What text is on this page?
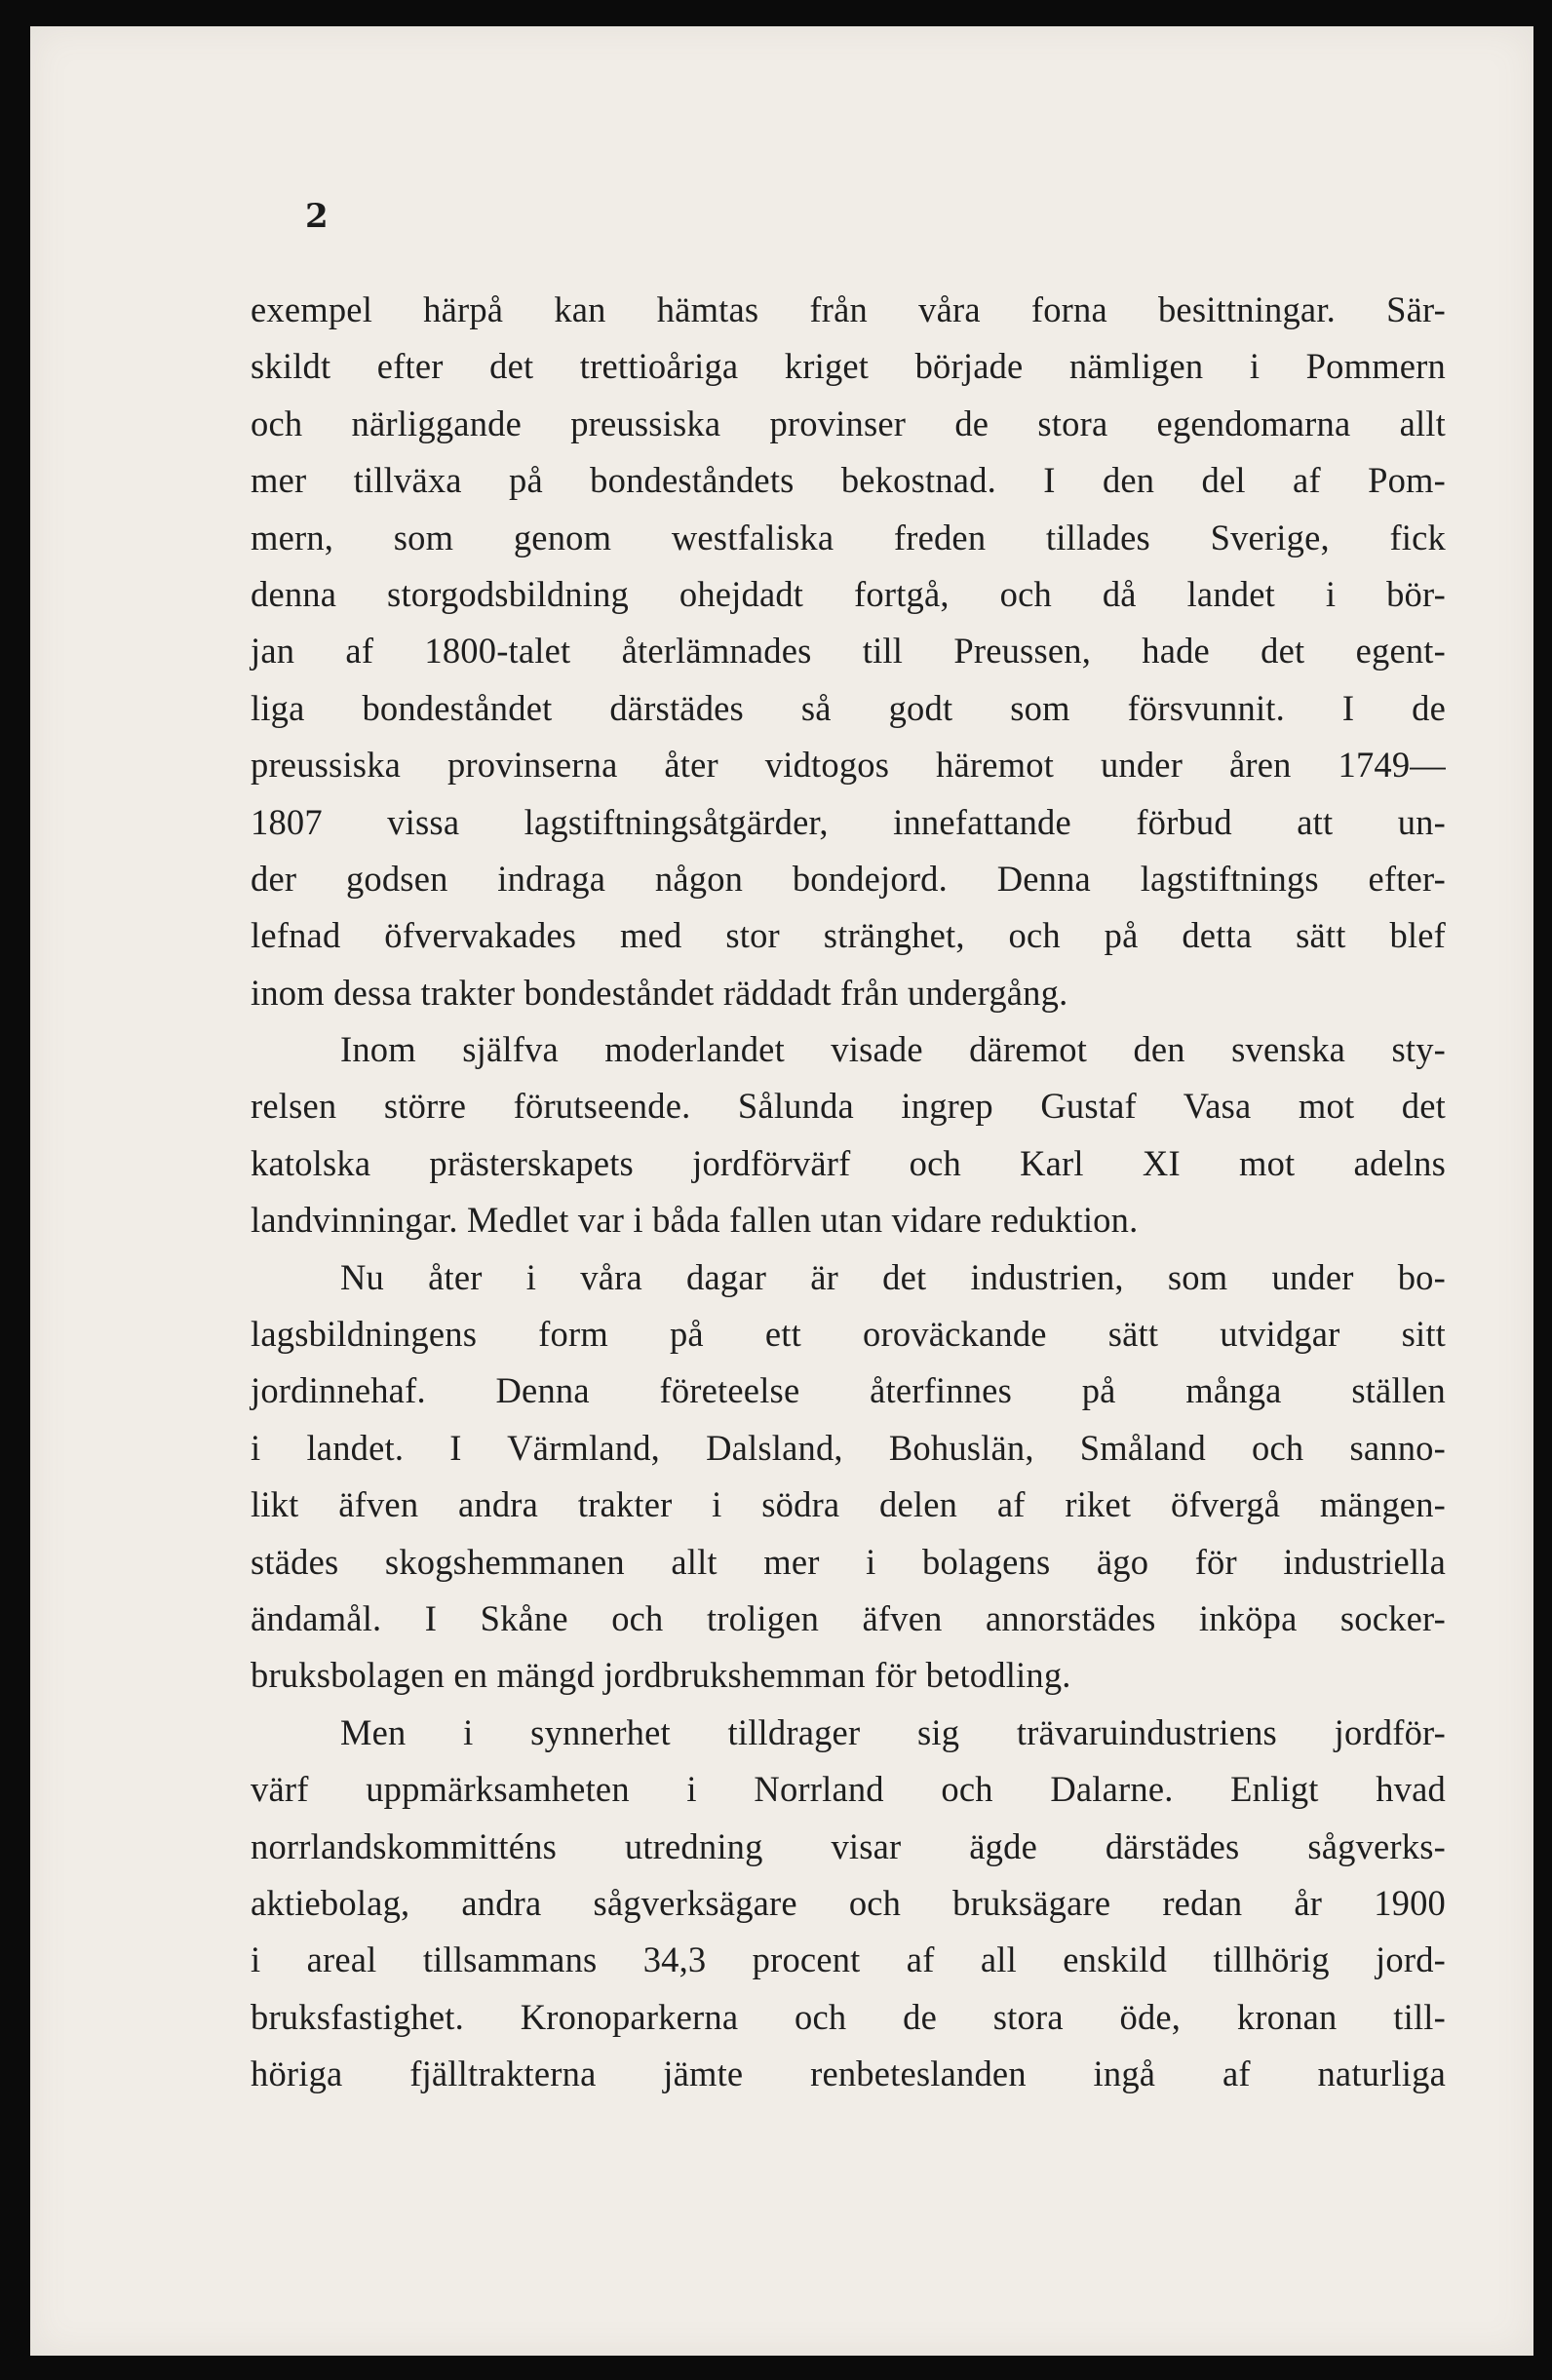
2

exempel härpå kan hämtas från våra forna besittningar. Sär-
skildt efter det trettioåriga kriget började nämligen i Pommern
och närliggande preussiska provinser de stora egendomarna allt
mer tillväxa på bondeståndets bekostnad. I den del af Pom-
mern, som genom westfaliska freden tillades Sverige, fick
denna storgodsbildning ohejdadt fortgå, och då landet i bör-
jan af 1800-talet återlämnades till Preussen, hade det egent-
liga bondeståndet därstädes så godt som försvunnit. I de
preussiska provinserna åter vidtogos häremot under åren 1749—
1807 vissa lagstiftningsåtgärder, innefattande förbud att un-
der godsen indraga någon bondejord. Denna lagstiftnings efter-
lefnad öfvervakades med stor stränghet, och på detta sätt blef
inom dessa trakter bondeståndet räddadt från undergång.
Inom själfva moderlandet visade däremot den svenska sty-
relsen större förutseende. Sålunda ingrep Gustaf Vasa mot det
katolska prästerskapets jordförvärf och Karl XI mot adelns
landvinningar. Medlet var i båda fallen utan vidare reduktion.
Nu åter i våra dagar är det industrien, som under bo-
lagsbildningens form på ett oroväckande sätt utvidgar sitt
jordinnehaf. Denna företeelse återfinnes på många ställen
i landet. I Värmland, Dalsland, Bohuslän, Småland och sanno-
likt äfven andra trakter i södra delen af riket öfvergå mängen-
städes skogshemmanen allt mer i bolagens ägo för industriella
ändamål. I Skåne och troligen äfven annorstädes inköpa socker-
bruksbolagen en mängd jordbrukshemman för betodling.
Men i synnerhet tilldrager sig trävaruindustriens jordför-
värf uppmärksamheten i Norrland och Dalarne. Enligt hvad
norrlandskommitténs utredning visar ägde därstädes sågverks-
aktiebolag, andra sågverksägare och bruksägare redan år 1900
i areal tillsammans 34,3 procent af all enskild tillhörig jord-
bruksfastighet. Kronoparkerna och de stora öde, kronan till-
höriga fjälltrakterna jämte renbeteslanden ingå af naturliga
